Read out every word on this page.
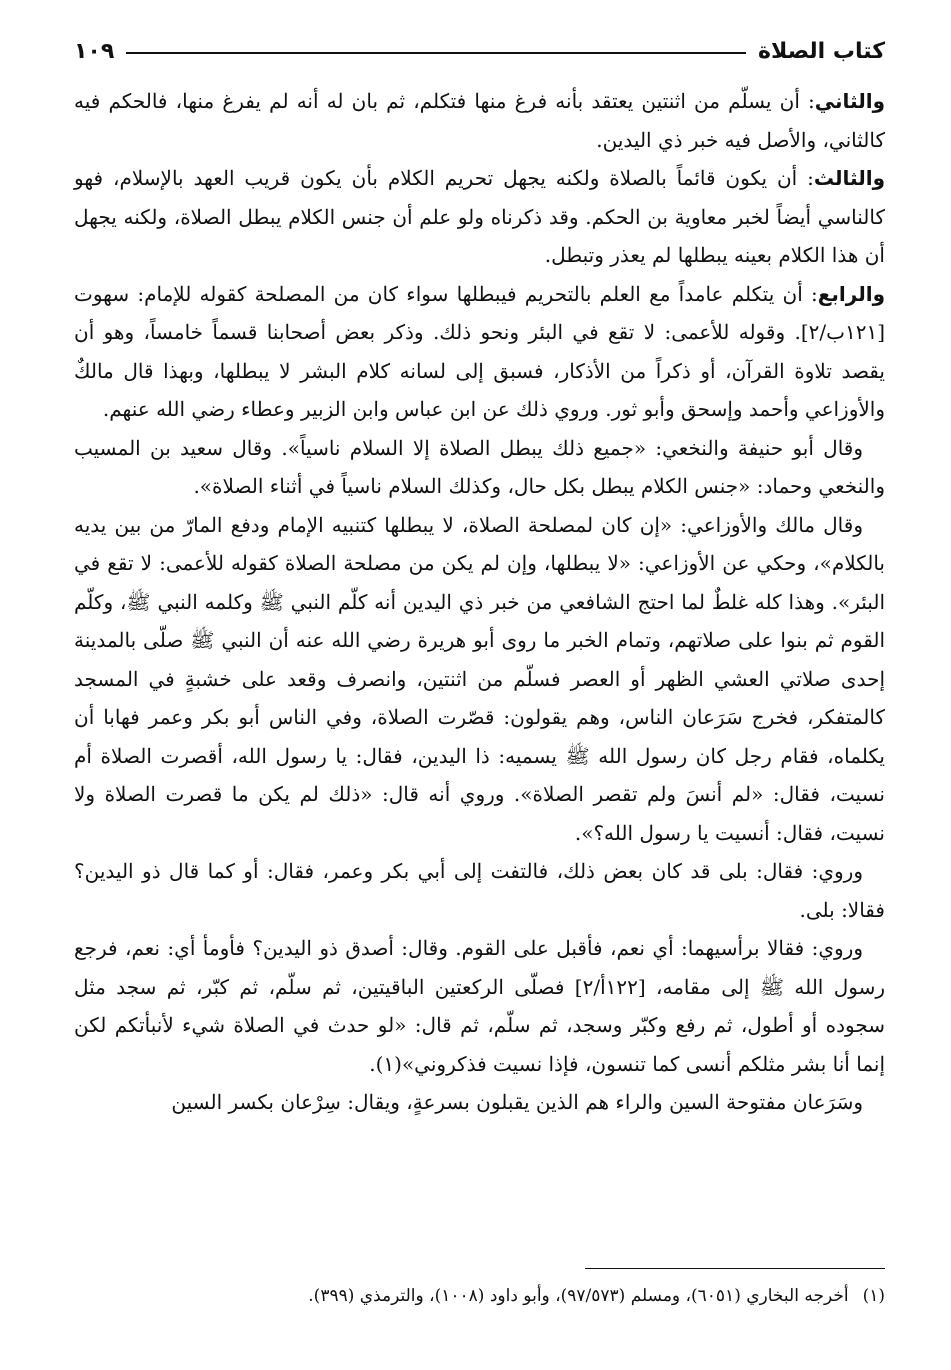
كتاب الصلاة
١٠٩

والثاني: أن يسلّم من اثنتين يعتقد بأنه فرغ منها فتكلم، ثم بان له أنه لم يفرغ منها، فالحكم فيه كالثاني، والأصل فيه خبر ذي اليدين.

والثالث: أن يكون قائماً بالصلاة ولكنه يجهل تحريم الكلام بأن يكون قريب العهد بالإسلام، فهو كالناسي أيضاً لخبر معاوية بن الحكم. وقد ذكرناه ولو علم أن جنس الكلام يبطل الصلاة، ولكنه يجهل أن هذا الكلام بعينه يبطلها لم يعذر وتبطل.

والرابع: أن يتكلم عامداً مع العلم بالتحريم فيبطلها سواء كان من المصلحة كقوله للإمام: سهوت [١٢١ب/٢]. وقوله للأعمى: لا تقع في البئر ونحو ذلك. وذكر بعض أصحابنا قسماً خامساً، وهو أن يقصد تلاوة القرآن، أو ذكراً من الأذكار، فسبق إلى لسانه كلام البشر لا يبطلها، وبهذا قال مالكٌ والأوزاعي وأحمد وإسحق وأبو ثور. وروي ذلك عن ابن عباس وابن الزبير وعطاء رضي الله عنهم.

وقال أبو حنيفة والنخعي: «جميع ذلك يبطل الصلاة إلا السلام ناسياً». وقال سعيد بن المسيب والنخعي وحماد: «جنس الكلام يبطل بكل حال، وكذلك السلام ناسياً في أثناء الصلاة».

وقال مالك والأوزاعي: «إن كان لمصلحة الصلاة، لا يبطلها كتنبيه الإمام ودفع المارّ من بين يديه بالكلام»، وحكي عن الأوزاعي: «لا يبطلها، وإن لم يكن من مصلحة الصلاة كقوله للأعمى: لا تقع في البئر». وهذا كله غلطٌ لما احتج الشافعي من خبر ذي اليدين أنه كلّم النبي ﷺ وكلمه النبي ﷺ، وكلّم القوم ثم بنوا على صلاتهم، وتمام الخبر ما روى أبو هريرة رضي الله عنه أن النبي ﷺ صلّى بالمدينة إحدى صلاتي العشي الظهر أو العصر فسلّم من اثنتين، وانصرف وقعد على خشبةٍ في المسجد كالمتفكر، فخرج سَرَعان الناس، وهم يقولون: قصّرت الصلاة، وفي الناس أبو بكر وعمر فهابا أن يكلماه، فقام رجل كان رسول الله ﷺ يسميه: ذا اليدين، فقال: يا رسول الله، أقصرت الصلاة أم نسيت، فقال: «لم أنسَ ولم تقصر الصلاة». وروي أنه قال: «ذلك لم يكن ما قصرت الصلاة ولا نسيت، فقال: أنسيت يا رسول الله؟».

وروي: فقال: بلى قد كان بعض ذلك، فالتفت إلى أبي بكر وعمر، فقال: أو كما قال ذو اليدين؟ فقالا: بلى.

وروي: فقالا برأسيهما: أي نعم، فأقبل على القوم. وقال: أصدق ذو اليدين؟ فأومأ أي: نعم، فرجع رسول الله ﷺ إلى مقامه، [١٢٢أ/٢] فصلّى الركعتين الباقيتين، ثم سلّم، ثم كبّر، ثم سجد مثل سجوده أو أطول، ثم رفع وكبّر وسجد، ثم سلّم، ثم قال: «لو حدث في الصلاة شيء لأنبأتكم لكن إنما أنا بشر مثلكم أنسى كما تنسون، فإذا نسيت فذكروني»(١).

وسَرَعان مفتوحة السين والراء هم الذين يقبلون بسرعةٍ، ويقال: سِرْعان بكسر السين

(١)أخرجه البخاري (٦٠٥١)، ومسلم (٩٧/٥٧٣)، وأبو داود (١٠٠٨)، والترمذي (٣٩٩).
